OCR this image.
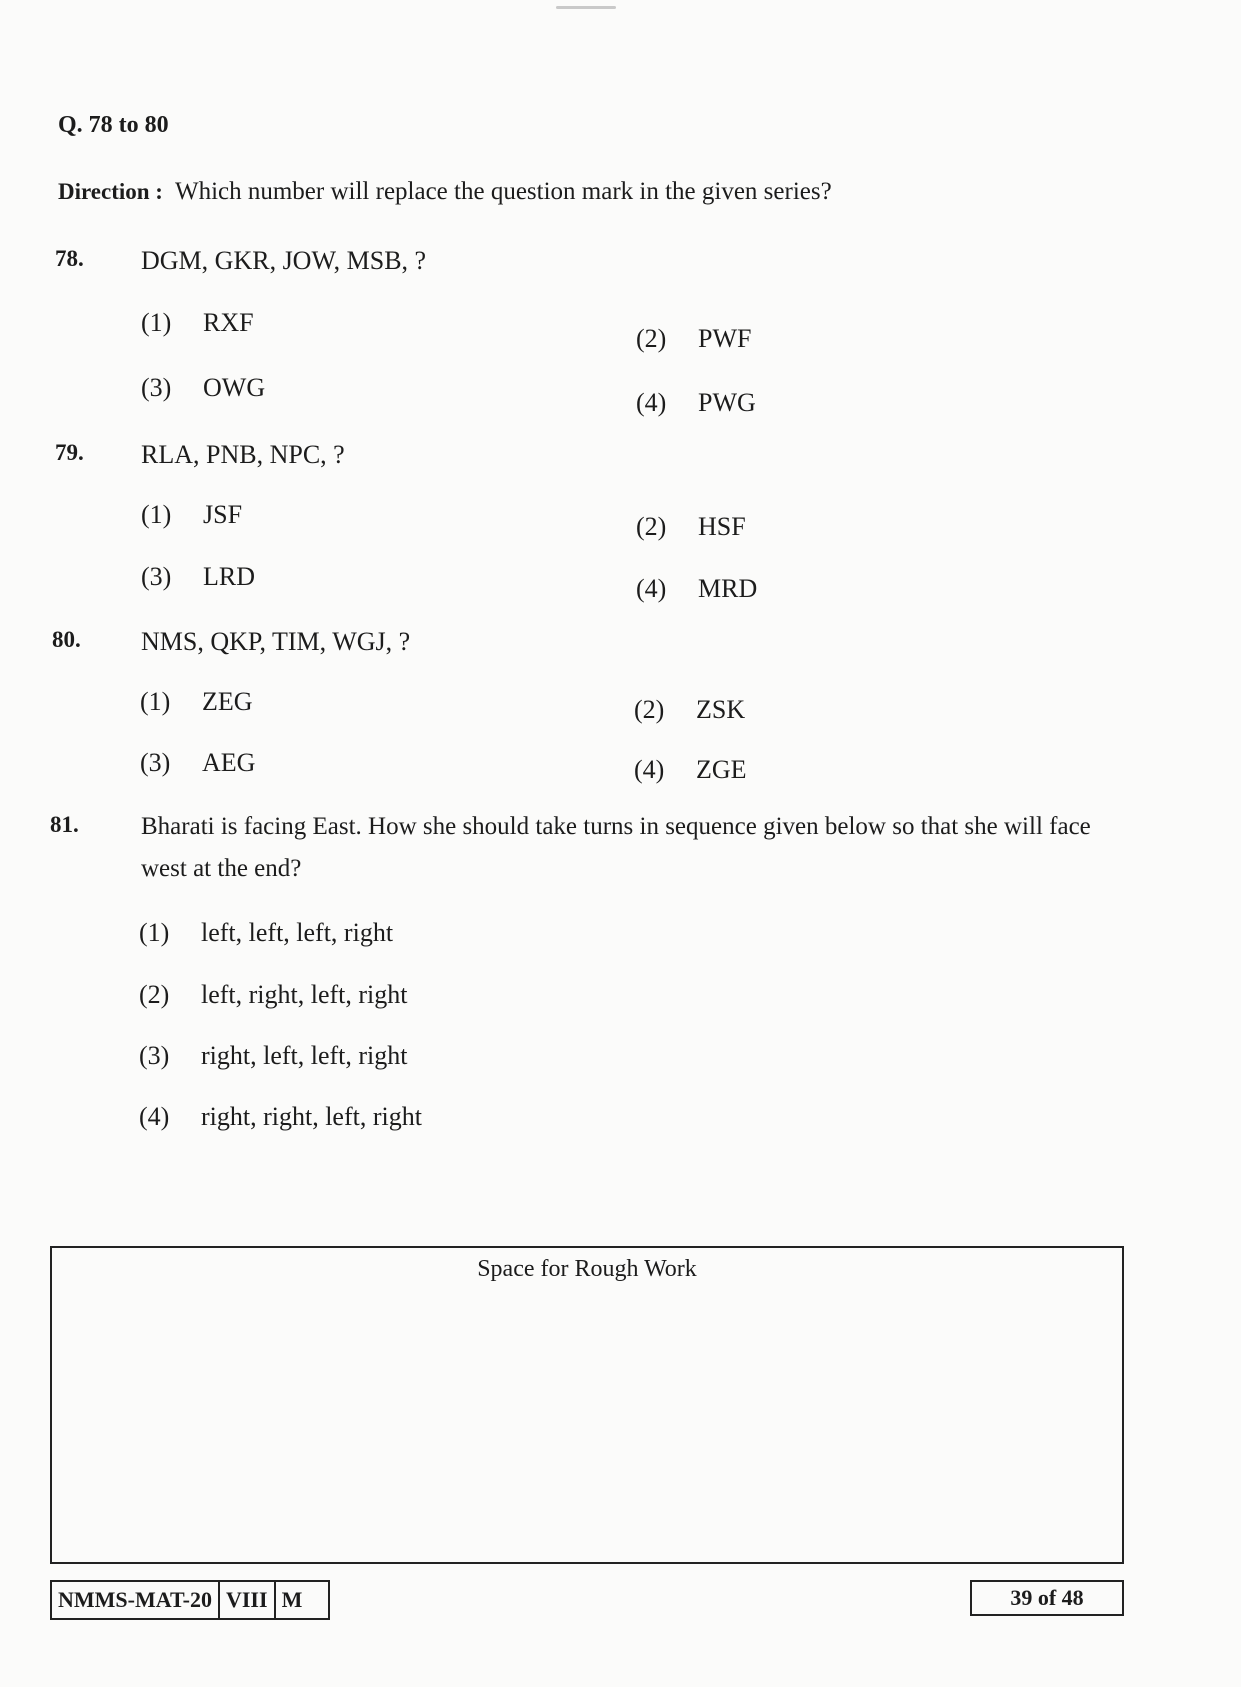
Q. 78 to 80
Direction : Which number will replace the question mark in the given series?
78. DGM, GKR, JOW, MSB, ?
(1) RXF
(2) PWF
(3) OWG
(4) PWG
79. RLA, PNB, NPC, ?
(1) JSF	(2) HSF
(3) LRD	(4) MRD
80. NMS, QKP, TIM, WGJ, ?
(1) ZEG	(2) ZSK
(3) AEG	(4) ZGE
81. Bharati is facing East. How she should take turns in sequence given below so that she will face west at the end?
(1) left, left, left, right
(2) left, right, left, right
(3) right, left, left, right
(4) right, right, left, right
Space for Rough Work
NMMS-MAT-20 VIII M	39 of 48
